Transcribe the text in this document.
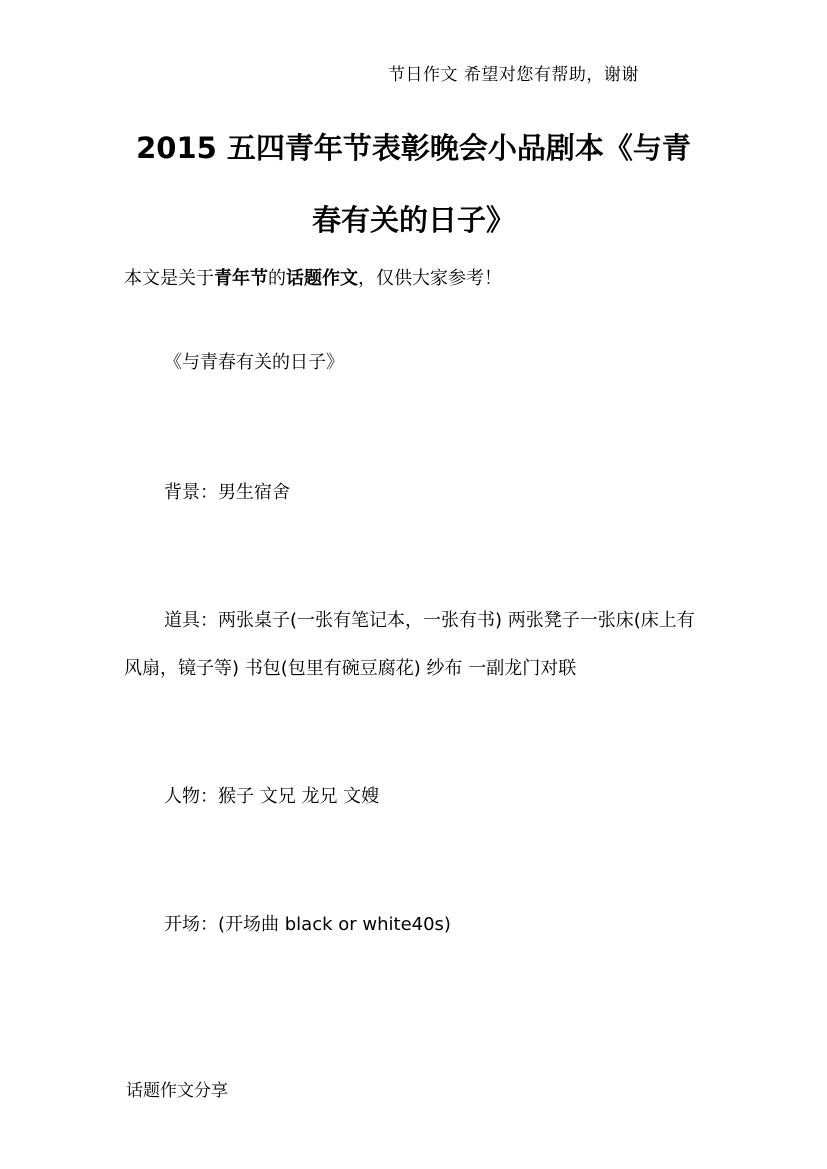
节日作文 希望对您有帮助，谢谢
2015 五四青年节表彰晚会小品剧本《与青
春有关的日子》
本文是关于青年节的话题作文，仅供大家参考！
《与青春有关的日子》
背景：男生宿舍
道具：两张桌子(一张有笔记本，一张有书) 两张凳子一张床(床上有风扇，镜子等) 书包(包里有碗豆腐花) 纱布 一副龙门对联
人物：猴子 文兄 龙兄 文嫂
开场：(开场曲 black or white40s)
话题作文分享
